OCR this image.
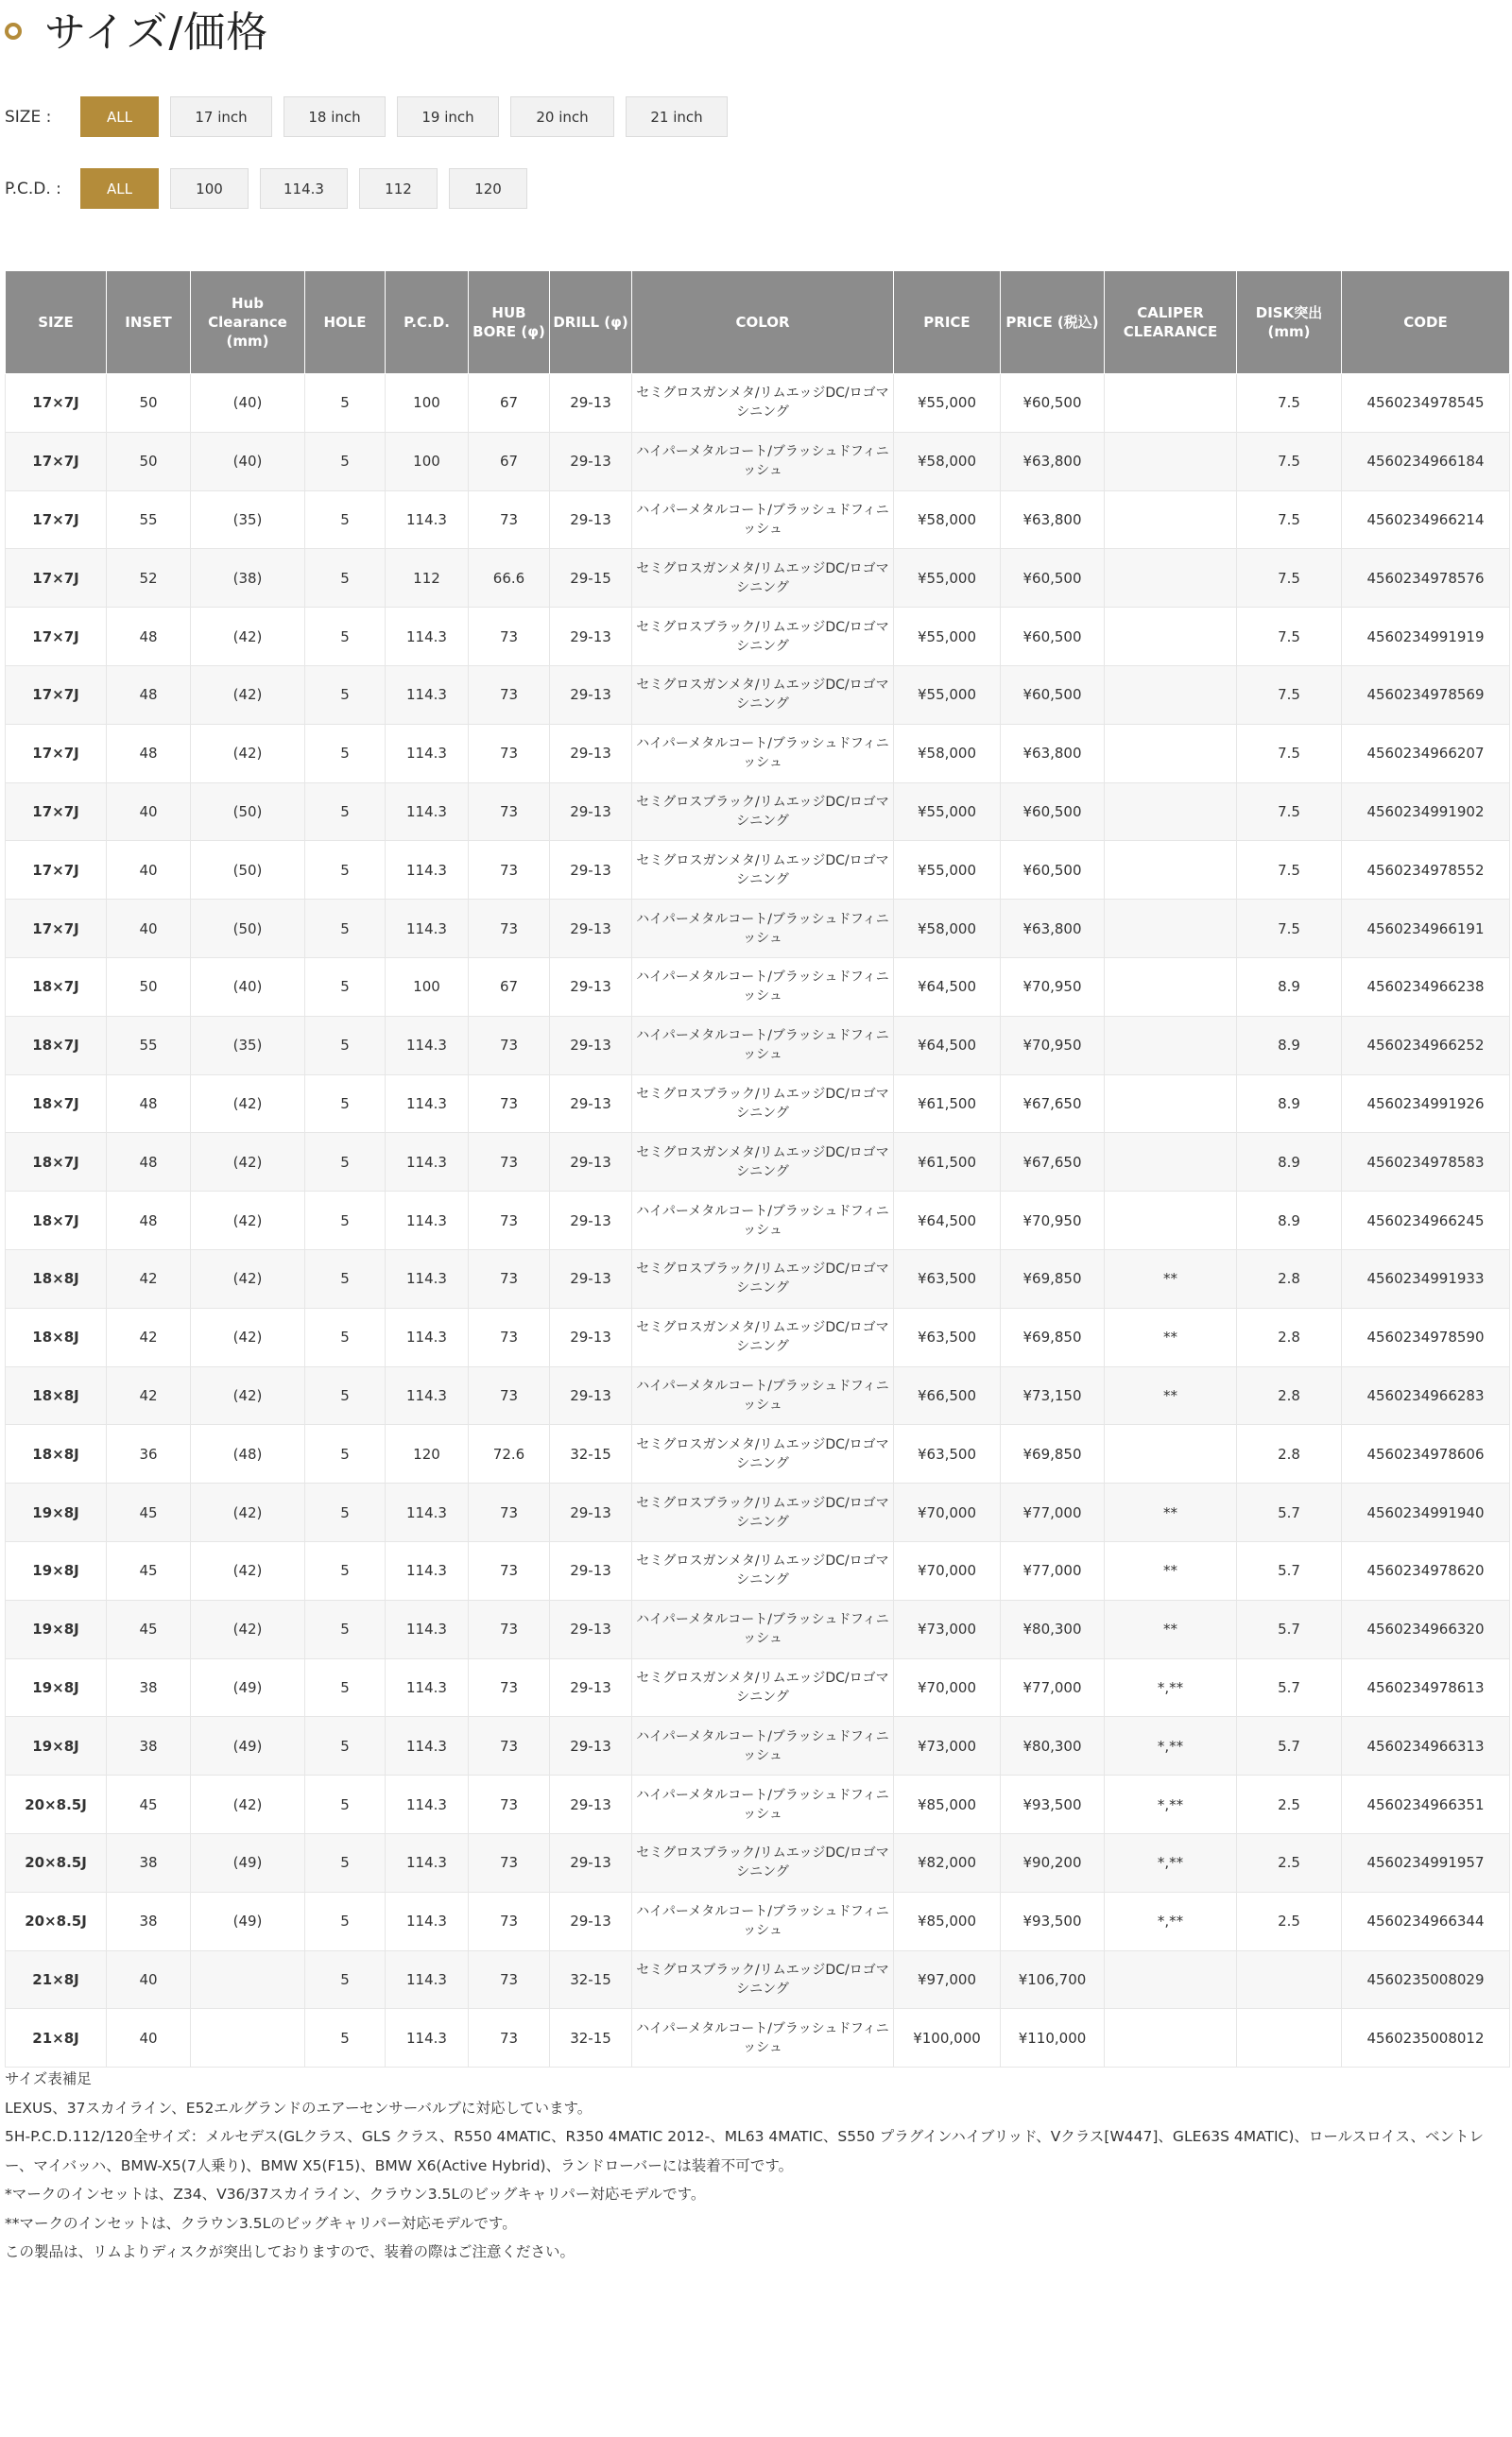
サイズ/価格
SIZE :	ALL	17 inch	18 inch	19 inch	20 inch	21 inch
P.C.D. :	ALL	100	114.3	112	120
SIZE	INSET	Hub Clearance (mm)	HOLE	P.C.D.	HUB BORE (φ)	DRILL (φ)	COLOR	PRICE	PRICE (税込)	CALIPER CLEARANCE	DISK突出 (mm)	CODE
17×7J	50	(40)	5	100	67	29-13	セミグロスガンメタ/リムエッジDC/ロゴマシニング	¥55,000	¥60,500		7.5	4560234978545
17×7J	50	(40)	5	100	67	29-13	ハイパーメタルコート/ブラッシュドフィニッシュ	¥58,000	¥63,800		7.5	4560234966184
17×7J	55	(35)	5	114.3	73	29-13	ハイパーメタルコート/ブラッシュドフィニッシュ	¥58,000	¥63,800		7.5	4560234966214
17×7J	52	(38)	5	112	66.6	29-15	セミグロスガンメタ/リムエッジDC/ロゴマシニング	¥55,000	¥60,500		7.5	4560234978576
17×7J	48	(42)	5	114.3	73	29-13	セミグロスブラック/リムエッジDC/ロゴマシニング	¥55,000	¥60,500		7.5	4560234991919
17×7J	48	(42)	5	114.3	73	29-13	セミグロスガンメタ/リムエッジDC/ロゴマシニング	¥55,000	¥60,500		7.5	4560234978569
17×7J	48	(42)	5	114.3	73	29-13	ハイパーメタルコート/ブラッシュドフィニッシュ	¥58,000	¥63,800		7.5	4560234966207
17×7J	40	(50)	5	114.3	73	29-13	セミグロスブラック/リムエッジDC/ロゴマシニング	¥55,000	¥60,500		7.5	4560234991902
17×7J	40	(50)	5	114.3	73	29-13	セミグロスガンメタ/リムエッジDC/ロゴマシニング	¥55,000	¥60,500		7.5	4560234978552
17×7J	40	(50)	5	114.3	73	29-13	ハイパーメタルコート/ブラッシュドフィニッシュ	¥58,000	¥63,800		7.5	4560234966191
18×7J	50	(40)	5	100	67	29-13	ハイパーメタルコート/ブラッシュドフィニッシュ	¥64,500	¥70,950		8.9	4560234966238
18×7J	55	(35)	5	114.3	73	29-13	ハイパーメタルコート/ブラッシュドフィニッシュ	¥64,500	¥70,950		8.9	4560234966252
18×7J	48	(42)	5	114.3	73	29-13	セミグロスブラック/リムエッジDC/ロゴマシニング	¥61,500	¥67,650		8.9	4560234991926
18×7J	48	(42)	5	114.3	73	29-13	セミグロスガンメタ/リムエッジDC/ロゴマシニング	¥61,500	¥67,650		8.9	4560234978583
18×7J	48	(42)	5	114.3	73	29-13	ハイパーメタルコート/ブラッシュドフィニッシュ	¥64,500	¥70,950		8.9	4560234966245
18×8J	42	(42)	5	114.3	73	29-13	セミグロスブラック/リムエッジDC/ロゴマシニング	¥63,500	¥69,850	**	2.8	4560234991933
18×8J	42	(42)	5	114.3	73	29-13	セミグロスガンメタ/リムエッジDC/ロゴマシニング	¥63,500	¥69,850	**	2.8	4560234978590
18×8J	42	(42)	5	114.3	73	29-13	ハイパーメタルコート/ブラッシュドフィニッシュ	¥66,500	¥73,150	**	2.8	4560234966283
18×8J	36	(48)	5	120	72.6	32-15	セミグロスガンメタ/リムエッジDC/ロゴマシニング	¥63,500	¥69,850		2.8	4560234978606
19×8J	45	(42)	5	114.3	73	29-13	セミグロスブラック/リムエッジDC/ロゴマシニング	¥70,000	¥77,000	**	5.7	4560234991940
19×8J	45	(42)	5	114.3	73	29-13	セミグロスガンメタ/リムエッジDC/ロゴマシニング	¥70,000	¥77,000	**	5.7	4560234978620
19×8J	45	(42)	5	114.3	73	29-13	ハイパーメタルコート/ブラッシュドフィニッシュ	¥73,000	¥80,300	**	5.7	4560234966320
19×8J	38	(49)	5	114.3	73	29-13	セミグロスガンメタ/リムエッジDC/ロゴマシニング	¥70,000	¥77,000	*,**	5.7	4560234978613
19×8J	38	(49)	5	114.3	73	29-13	ハイパーメタルコート/ブラッシュドフィニッシュ	¥73,000	¥80,300	*,**	5.7	4560234966313
20×8.5J	45	(42)	5	114.3	73	29-13	ハイパーメタルコート/ブラッシュドフィニッシュ	¥85,000	¥93,500	*,**	2.5	4560234966351
20×8.5J	38	(49)	5	114.3	73	29-13	セミグロスブラック/リムエッジDC/ロゴマシニング	¥82,000	¥90,200	*,**	2.5	4560234991957
20×8.5J	38	(49)	5	114.3	73	29-13	ハイパーメタルコート/ブラッシュドフィニッシュ	¥85,000	¥93,500	*,**	2.5	4560234966344
21×8J	40		5	114.3	73	32-15	セミグロスブラック/リムエッジDC/ロゴマシニング	¥97,000	¥106,700			4560235008029
21×8J	40		5	114.3	73	32-15	ハイパーメタルコート/ブラッシュドフィニッシュ	¥100,000	¥110,000			4560235008012

サイズ表補足

LEXUS、37スカイライン、E52エルグランドのエアーセンサーバルブに対応しています。

5H-P.C.D.112/120全サイズ：メルセデス(GLクラス、GLS クラス、R550 4MATIC、R350 4MATIC 2012-、ML63 4MATIC、S550 プラグインハイブリッド、Vクラス[W447]、GLE63S 4MATIC)、ロールスロイス、ベントレー、マイバッハ、BMW-X5(7人乗り)、BMW X5(F15)、BMW X6(Active Hybrid)、ランドローバーには装着不可です。

*マークのインセットは、Z34、V36/37スカイライン、クラウン3.5Lのビッグキャリパー対応モデルです。

**マークのインセットは、クラウン3.5Lのビッグキャリパー対応モデルです。

この製品は、リムよりディスクが突出しておりますので、装着の際はご注意ください。
